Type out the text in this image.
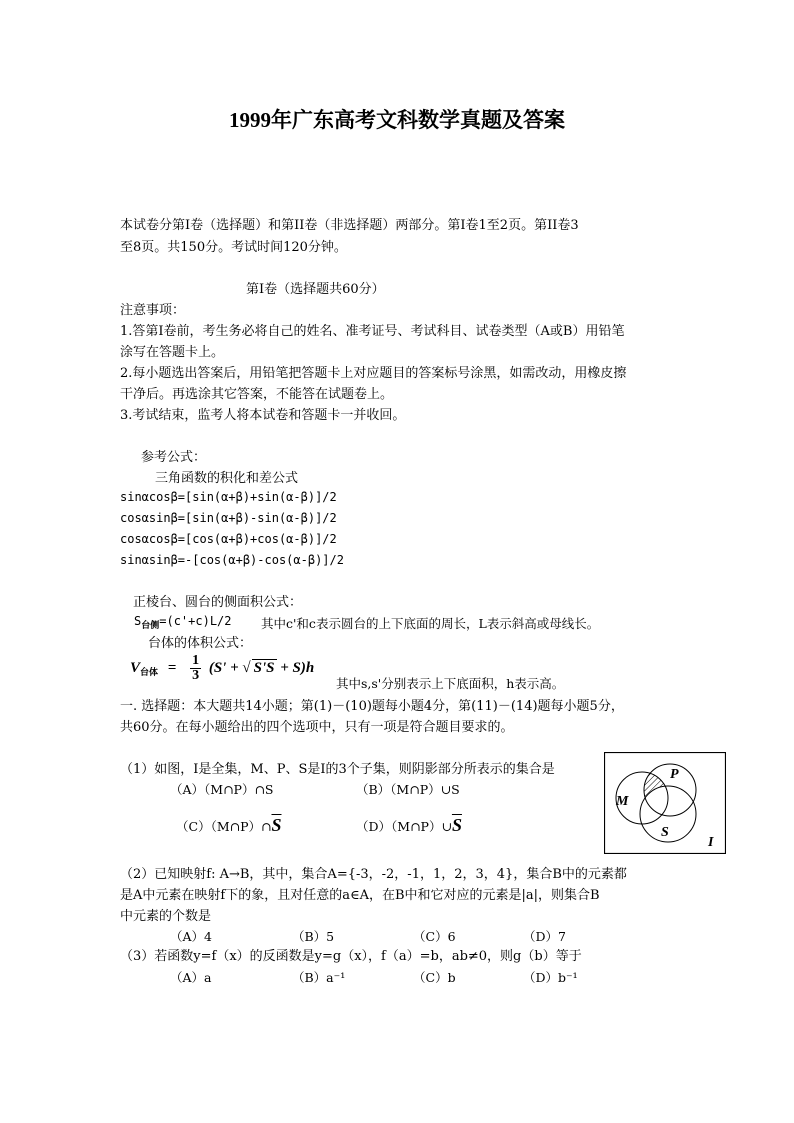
1999年广东高考文科数学真题及答案
本试卷分第Ⅰ卷（选择题）和第II卷（非选择题）两部分。第Ⅰ卷1至2页。第II卷3
至8页。共150分。考试时间120分钟。
第Ⅰ卷（选择题共60分）
注意事项：
1.答第Ⅰ卷前，考生务必将自己的姓名、准考证号、考试科目、试卷类型（A或B）用铅笔
涂写在答题卡上。
2.每小题选出答案后，用铅笔把答题卡上对应题目的答案标号涂黑，如需改动，用橡皮擦
干净后。再选涂其它答案，不能答在试题卷上。
3.考试结束，监考人将本试卷和答题卡一并收回。
参考公式：
三角函数的积化和差公式
sinαcosβ=[sin(α+β)+sin(α-β)]/2
cosαsinβ=[sin(α+β)-sin(α-β)]/2
cosαcosβ=[cos(α+β)+cos(α-β)]/2
sinαsinβ=-[cos(α+β)-cos(α-β)]/2
正棱台、圆台的侧面积公式：
$S_{台侧}=(c'+c)L/2$ 其中c'和c表示圆台的上下底面的周长，L表示斜高或母线长。
台体的体积公式：
$V_{台体} = \frac{1}{3} (S'$ + √ S'S + S)h
其中s,s'分别表示上下底面积，h表示高。
一. 选择题：本大题共14小题；第(1)－(10)题每小题4分，第(11)－(14)题每小题5分，
共60分。在每小题给出的四个选项中，只有一项是符合题目要求的。
（1）如图，I是全集，M、P、S是I的3个子集，则阴影部分所表示的集合是
（A）（M∩P）∩S	（B）（M∩P）∪S
$(C)(M\cap P)\cap\overline{S}$	$(D)(M\cap P)\cup\overline{S}$
M
P
S
I
（2）已知映射f: A→B，其中，集合A={-3，-2，-1，1，2，3，4}，集合B中的元素都
是A中元素在映射f下的象，且对任意的a∈A，在B中和它对应的元素是|a|，则集合B
中元素的个数是
（A）4	（B）5	（C）6	（D）7
（3）若函数y=f（x）的反函数是y=g（x），f（a）=b，ab≠0，则g（b）等于
（A）a	（B）a⁻¹	（C）b	（D）b⁻¹
